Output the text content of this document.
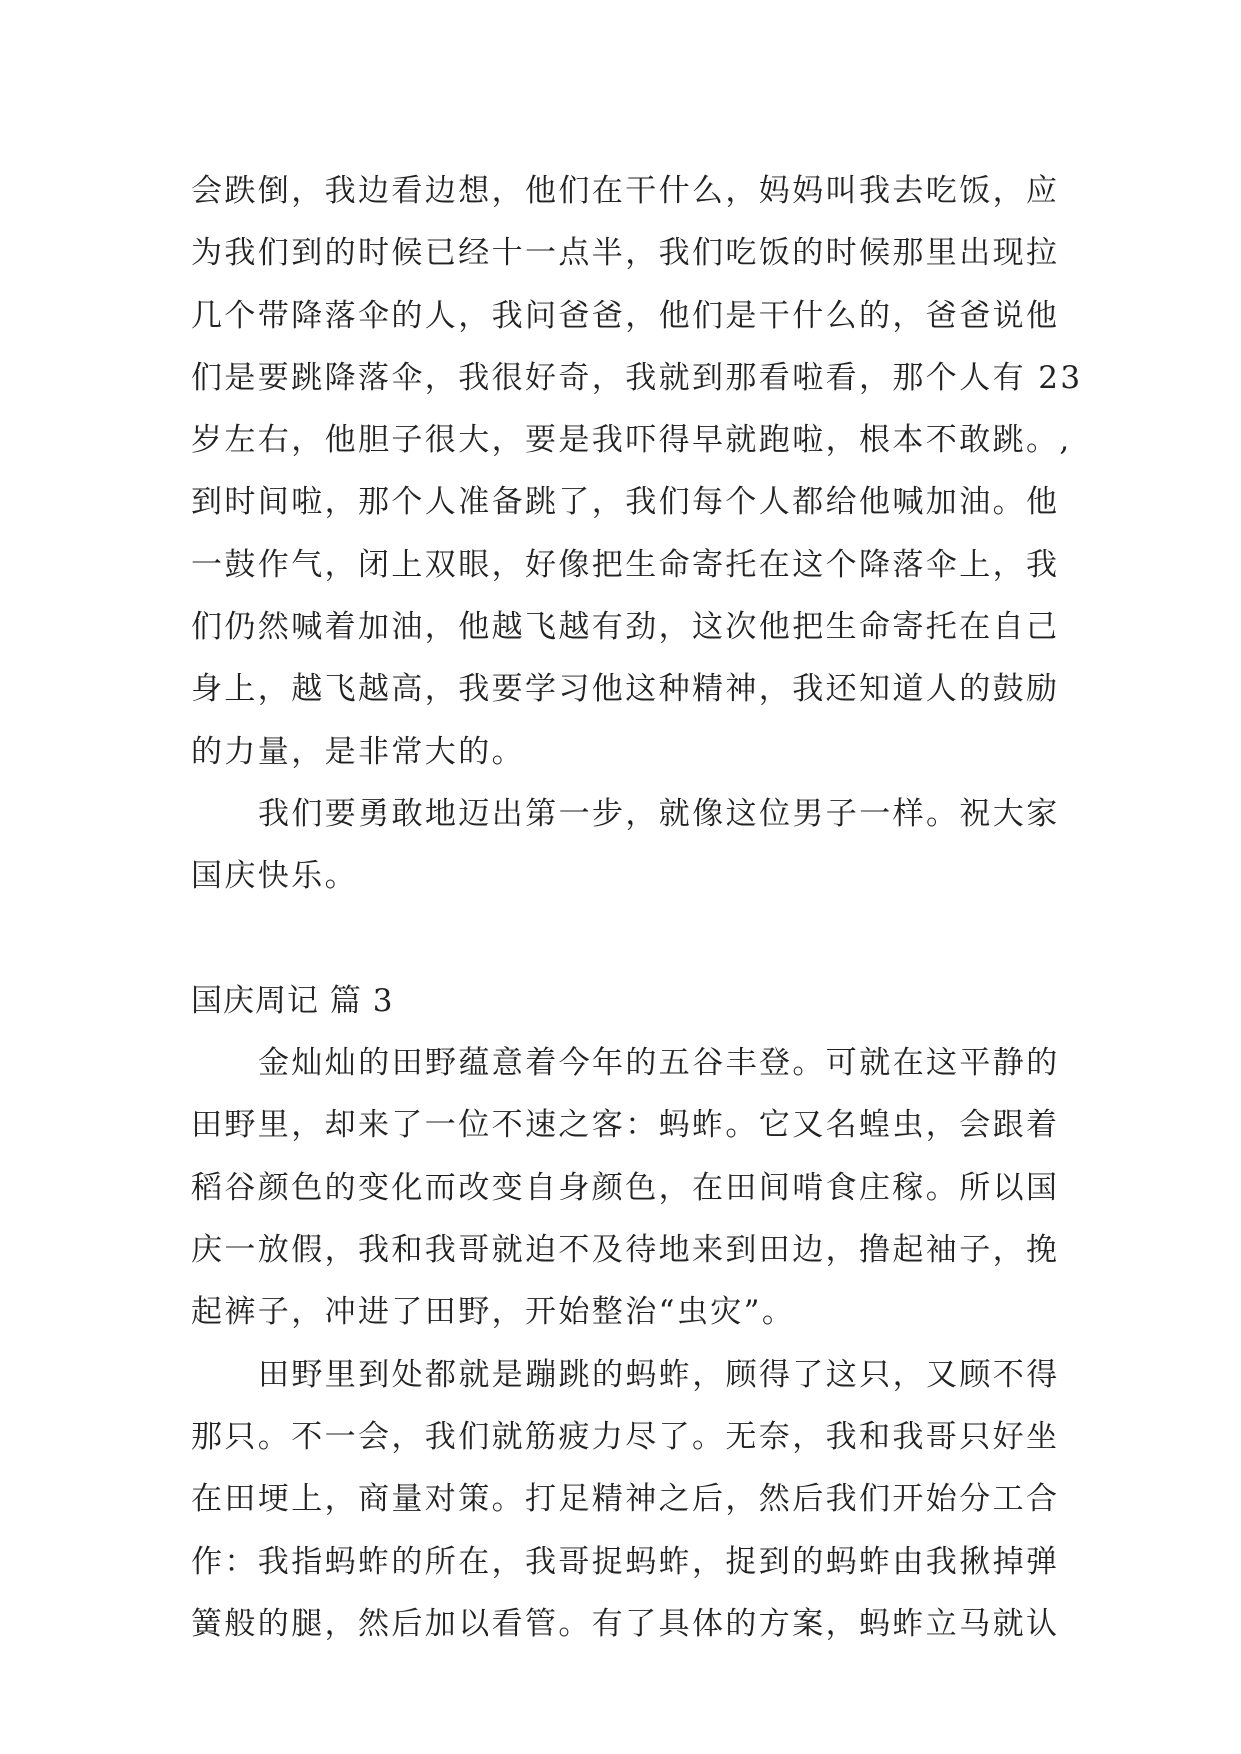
会跌倒，我边看边想，他们在干什么，妈妈叫我去吃饭，应
为我们到的时候已经十一点半，我们吃饭的时候那里出现拉
几个带降落伞的人，我问爸爸，他们是干什么的，爸爸说他
们是要跳降落伞，我很好奇，我就到那看啦看，那个人有 23
岁左右，他胆子很大，要是我吓得早就跑啦，根本不敢跳。,
到时间啦，那个人准备跳了，我们每个人都给他喊加油。他
一鼓作气，闭上双眼，好像把生命寄托在这个降落伞上，我
们仍然喊着加油，他越飞越有劲，这次他把生命寄托在自己
身上，越飞越高，我要学习他这种精神，我还知道人的鼓励
的力量，是非常大的。
我们要勇敢地迈出第一步，就像这位男子一样。祝大家
国庆快乐。
国庆周记 篇 3
金灿灿的田野蕴意着今年的五谷丰登。可就在这平静的
田野里，却来了一位不速之客：蚂蚱。它又名蝗虫，会跟着
稻谷颜色的变化而改变自身颜色，在田间啃食庄稼。所以国
庆一放假，我和我哥就迫不及待地来到田边，撸起袖子，挽
起裤子，冲进了田野，开始整治“虫灾”。
田野里到处都就是蹦跳的蚂蚱，顾得了这只，又顾不得
那只。不一会，我们就筋疲力尽了。无奈，我和我哥只好坐
在田埂上，商量对策。打足精神之后，然后我们开始分工合
作：我指蚂蚱的所在，我哥捉蚂蚱，捉到的蚂蚱由我揪掉弹
簧般的腿，然后加以看管。有了具体的方案，蚂蚱立马就认
